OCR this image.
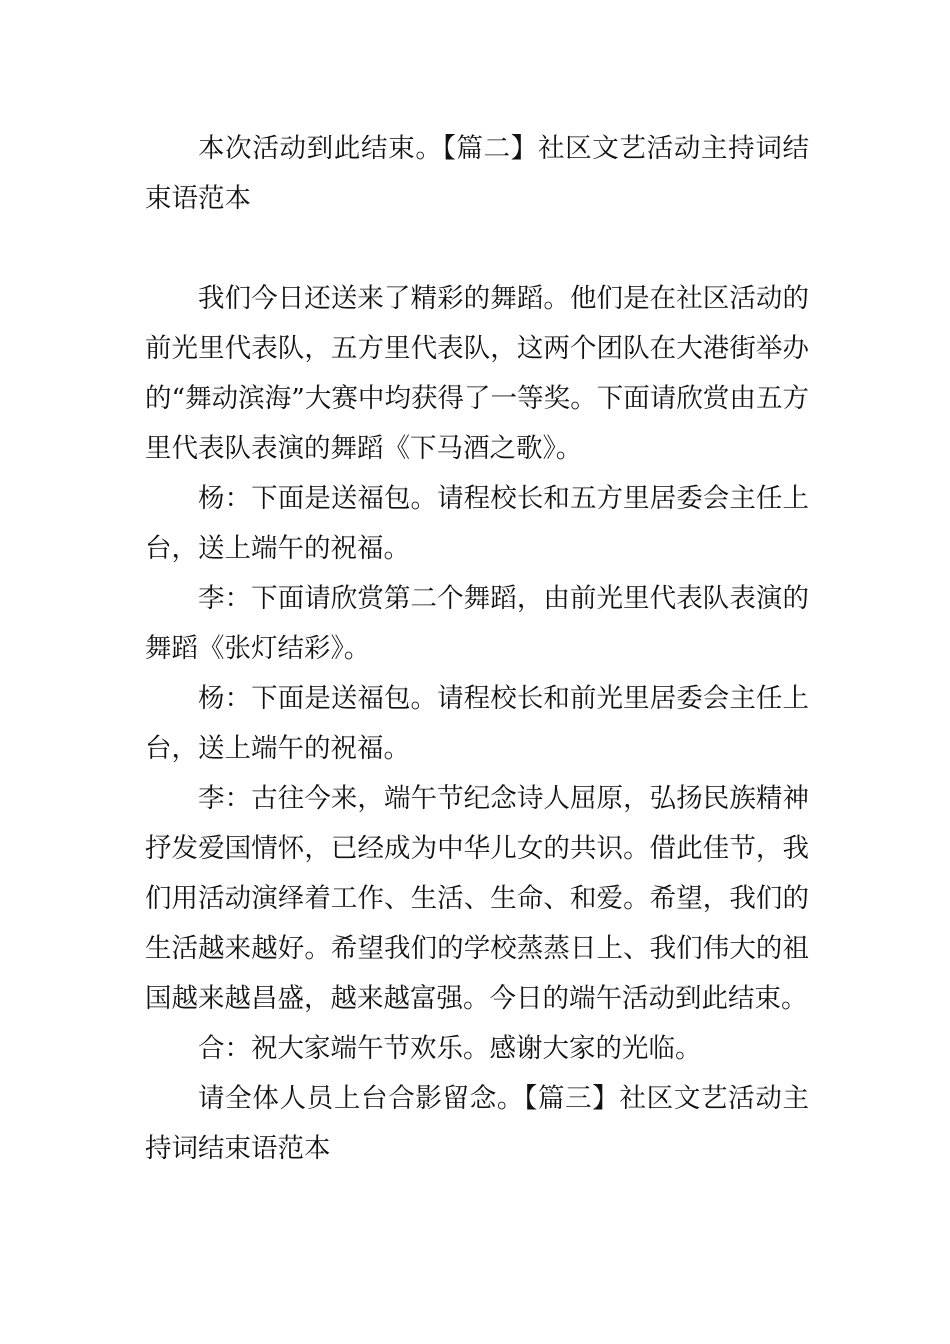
本次活动到此结束。【篇二】社区文艺活动主持词结束语范本

我们今日还送来了精彩的舞蹈。他们是在社区活动的前光里代表队，五方里代表队，这两个团队在大港街举办的“舞动滨海”大赛中均获得了一等奖。下面请欣赏由五方里代表队表演的舞蹈《下马酒之歌》。

杨：下面是送福包。请程校长和五方里居委会主任上台，送上端午的祝福。

李：下面请欣赏第二个舞蹈，由前光里代表队表演的舞蹈《张灯结彩》。

杨：下面是送福包。请程校长和前光里居委会主任上台，送上端午的祝福。

李：古往今来，端午节纪念诗人屈原，弘扬民族精神抒发爱国情怀，已经成为中华儿女的共识。借此佳节，我们用活动演绎着工作、生活、生命、和爱。希望，我们的生活越来越好。希望我们的学校蒸蒸日上、我们伟大的祖国越来越昌盛，越来越富强。今日的端午活动到此结束。

合：祝大家端午节欢乐。感谢大家的光临。

请全体人员上台合影留念。【篇三】社区文艺活动主持词结束语范本
